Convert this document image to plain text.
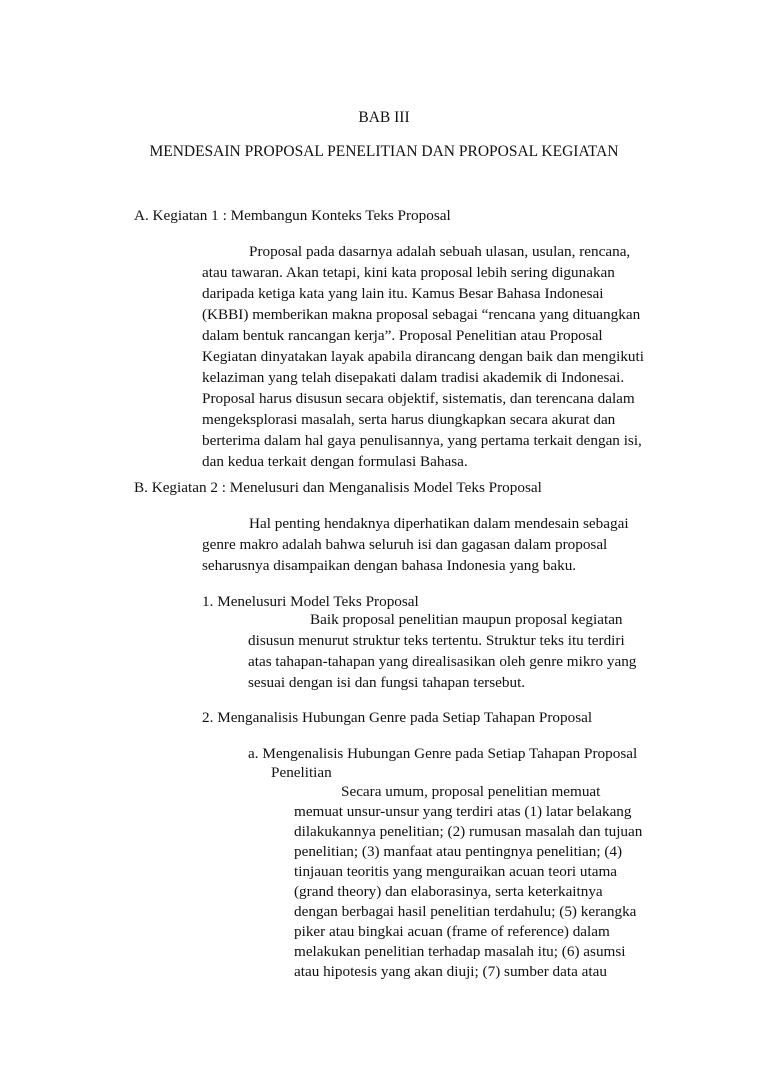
BAB III
MENDESAIN PROPOSAL PENELITIAN DAN PROPOSAL KEGIATAN
A. Kegiatan 1 : Membangun Konteks Teks Proposal
Proposal pada dasarnya adalah sebuah ulasan, usulan, rencana,
atau tawaran. Akan tetapi, kini kata proposal lebih sering digunakan
daripada ketiga kata yang lain itu. Kamus Besar Bahasa Indonesai
(KBBI) memberikan makna proposal sebagai “rencana yang dituangkan
dalam bentuk rancangan kerja”. Proposal Penelitian atau Proposal
Kegiatan dinyatakan layak apabila dirancang dengan baik dan mengikuti
kelaziman yang telah disepakati dalam tradisi akademik di Indonesai.
Proposal harus disusun secara objektif, sistematis, dan terencana dalam
mengeksplorasi masalah, serta harus diungkapkan secara akurat dan
berterima dalam hal gaya penulisannya, yang pertama terkait dengan isi,
dan kedua terkait dengan formulasi Bahasa.
B. Kegiatan 2 : Menelusuri dan Menganalisis Model Teks Proposal
Hal penting hendaknya diperhatikan dalam mendesain sebagai
genre makro adalah bahwa seluruh isi dan gagasan dalam proposal
seharusnya disampaikan dengan bahasa Indonesia yang baku.
1. Menelusuri Model Teks Proposal
Baik proposal penelitian maupun proposal kegiatan
disusun menurut struktur teks tertentu. Struktur teks itu terdiri
atas tahapan-tahapan yang direalisasikan oleh genre mikro yang
sesuai dengan isi dan fungsi tahapan tersebut.
2. Menganalisis Hubungan Genre pada Setiap Tahapan Proposal
a. Mengenalisis Hubungan Genre pada Setiap Tahapan Proposal
Penelitian
Secara umum, proposal penelitian memuat
memuat unsur-unsur yang terdiri atas (1) latar belakang
dilakukannya penelitian; (2) rumusan masalah dan tujuan
penelitian; (3) manfaat atau pentingnya penelitian; (4)
tinjauan teoritis yang menguraikan acuan teori utama
(grand theory) dan elaborasinya, serta keterkaitnya
dengan berbagai hasil penelitian terdahulu; (5) kerangka
piker atau bingkai acuan (frame of reference) dalam
melakukan penelitian terhadap masalah itu; (6) asumsi
atau hipotesis yang akan diuji; (7) sumber data atau
